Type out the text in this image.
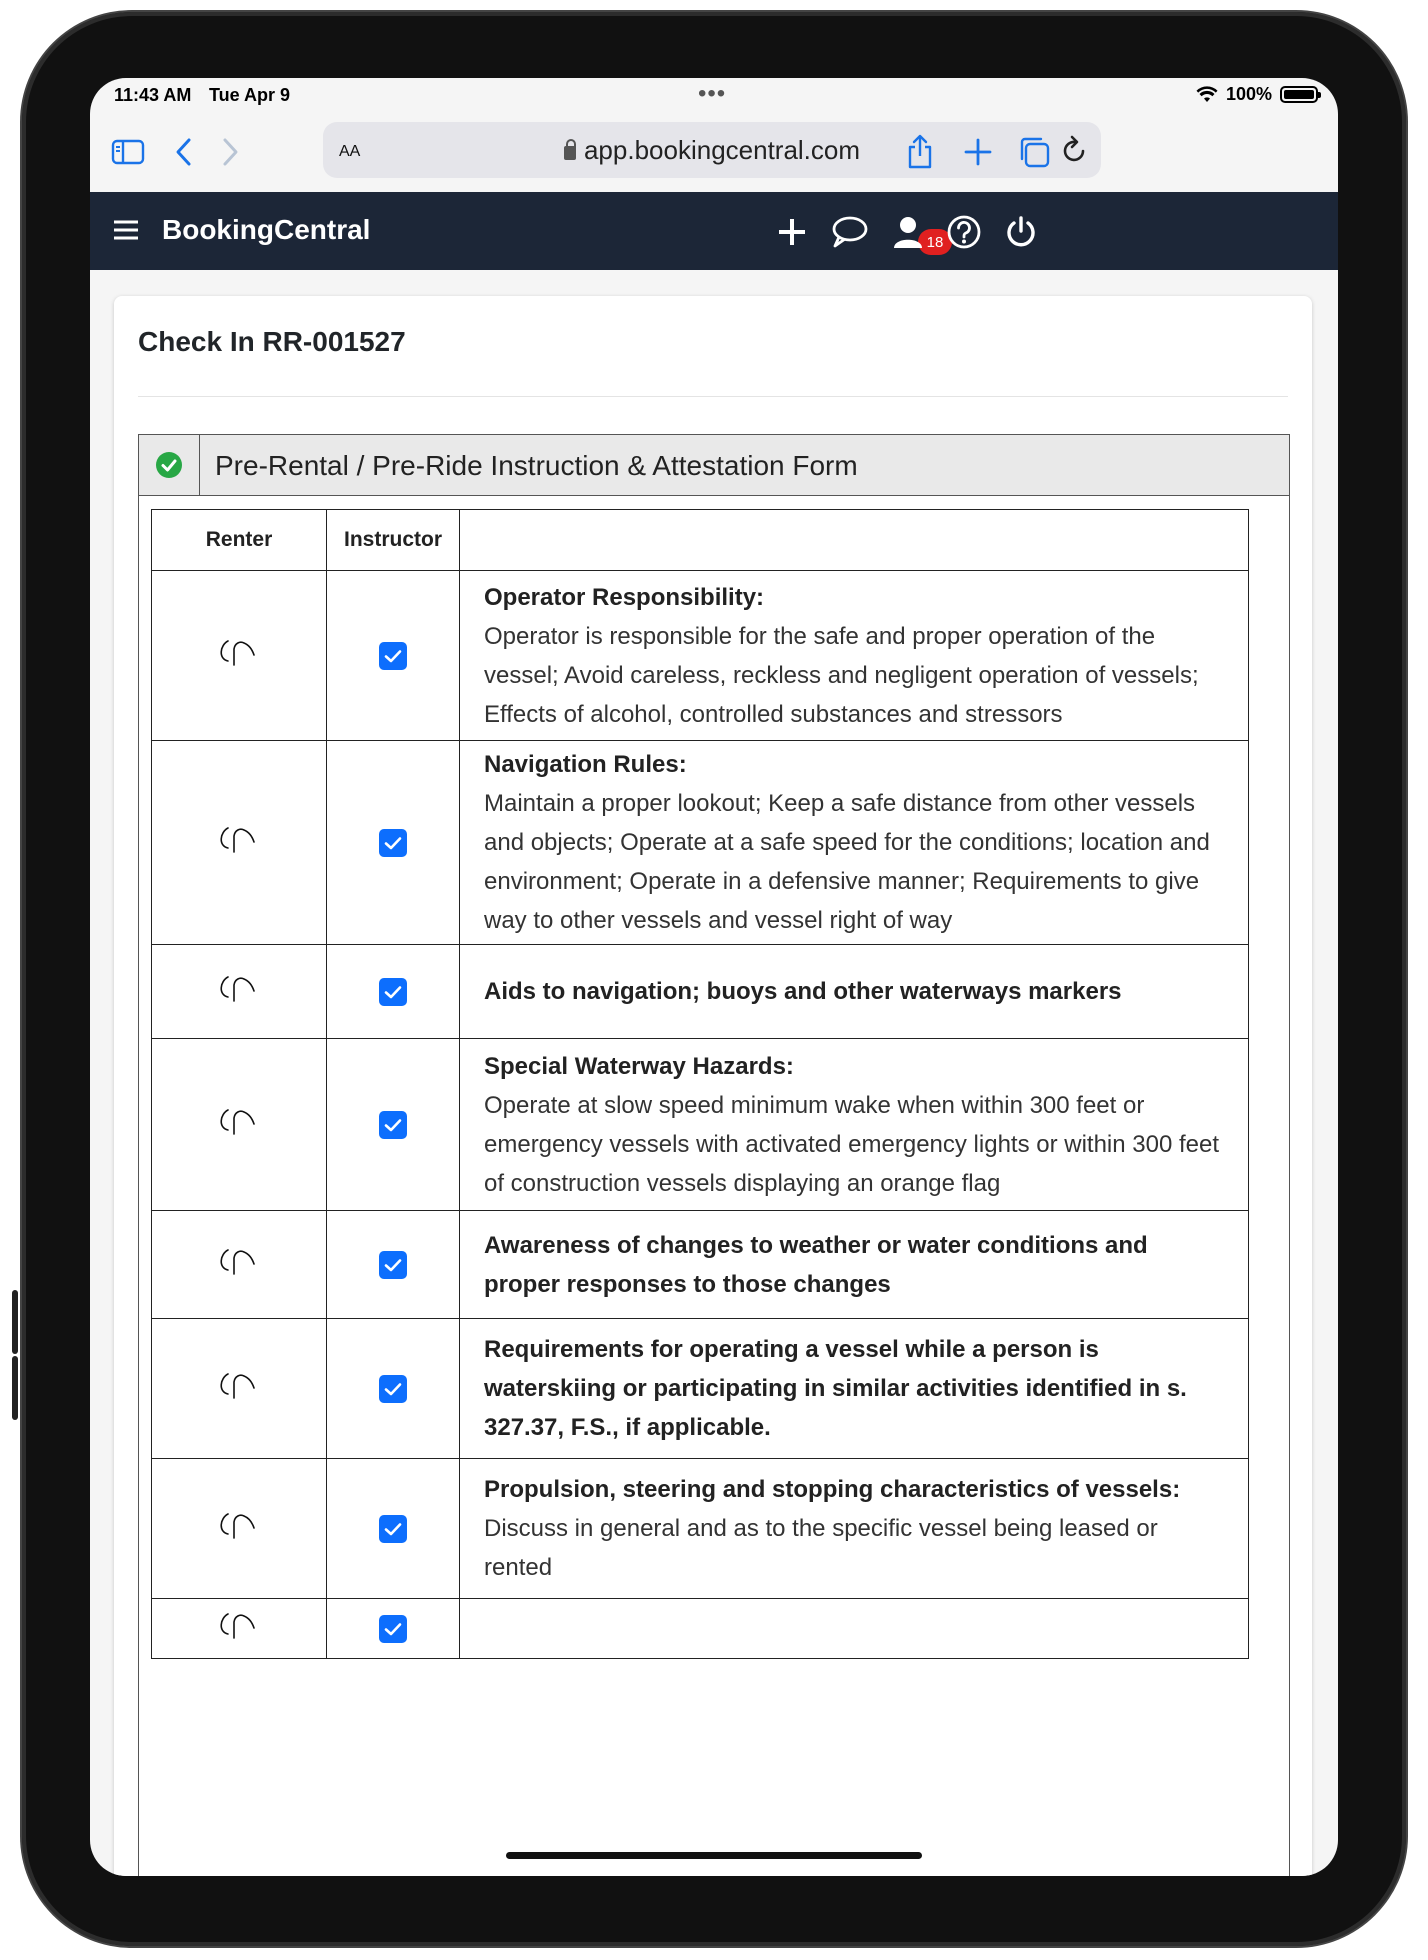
11:43 AM Tue Apr 9	•••	100%
AA	app.bookingcentral.com
BookingCentral	18
Check In RR-001527
Pre-Rental / Pre-Ride Instruction & Attestation Form
Renter	Instructor	

Operator Responsibility:
Operator is responsible for the safe and proper operation of the vessel; Avoid careless, reckless and negligent operation of vessels; Effects of alcohol, controlled substances and stressors

Navigation Rules:
Maintain a proper lookout; Keep a safe distance from other vessels and objects; Operate at a safe speed for the conditions; location and environment; Operate in a defensive manner; Requirements to give way to other vessels and vessel right of way

Aids to navigation; buoys and other waterways markers

Special Waterway Hazards:
Operate at slow speed minimum wake when within 300 feet or emergency vessels with activated emergency lights or within 300 feet of construction vessels displaying an orange flag

Awareness of changes to weather or water conditions and proper responses to those changes

Requirements for operating a vessel while a person is waterskiing or participating in similar activities identified in s. 327.37, F.S., if applicable.

Propulsion, steering and stopping characteristics of vessels:
Discuss in general and as to the specific vessel being leased or rented
